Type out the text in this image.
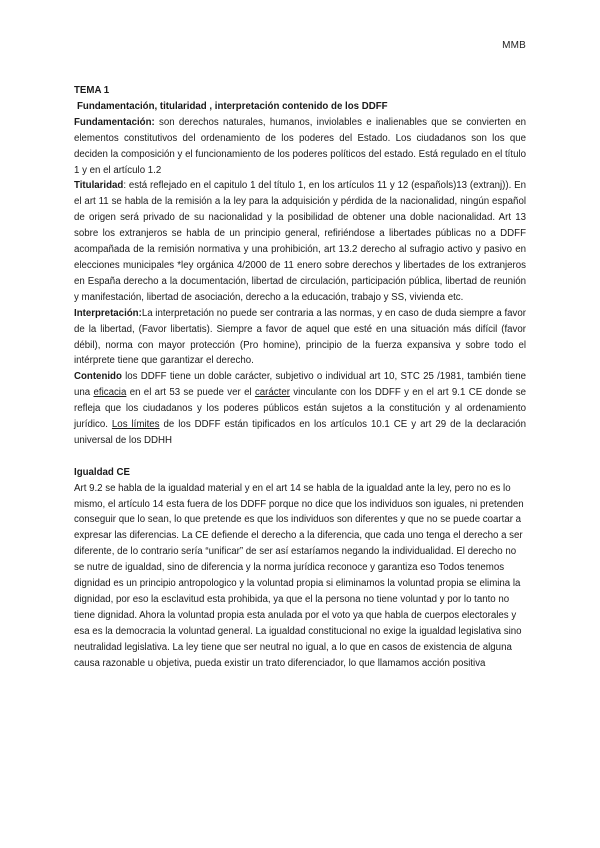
MMB

TEMA 1

Fundamentación, titularidad , interpretación contenido de los DDFF

Fundamentación: son derechos naturales, humanos, inviolables e inalienables que se convierten en elementos constitutivos del ordenamiento de los poderes del Estado. Los ciudadanos son los que deciden la composición y el funcionamiento de los poderes políticos del estado. Está regulado en el título 1 y en el artículo 1.2

Titularidad: está reflejado en el capitulo 1 del título 1, en los artículos 11 y 12 (españols)13 (extranj)). En el art 11 se habla de la remisión a la ley para la adquisición y pérdida de la nacionalidad, ningún español de origen será privado de su nacionalidad y la posibilidad de obtener una doble nacionalidad. Art 13 sobre los extranjeros se habla de un principio general, refiriéndose a libertades públicas no a DDFF acompañada de la remisión normativa y una prohibición, art 13.2 derecho al sufragio activo y pasivo en elecciones municipales *ley orgánica 4/2000 de 11 enero sobre derechos y libertades de los extranjeros en España derecho a la documentación, libertad de circulación, participación pública, libertad de reunión y manifestación, libertad de asociación, derecho a la educación, trabajo y SS, vivienda etc.

Interpretación:La interpretación no puede ser contraria a las normas, y en caso de duda siempre a favor de la libertad, (Favor libertatis). Siempre a favor de aquel que esté en una situación más difícil (favor débil), norma con mayor protección (Pro homine), principio de la fuerza expansiva y sobre todo el intérprete tiene que garantizar el derecho.

Contenido los DDFF tiene un doble carácter, subjetivo o individual art 10, STC 25 /1981, también tiene una eficacia en el art 53 se puede ver el carácter vinculante con los DDFF y en el art 9.1 CE donde se refleja que los ciudadanos y los poderes públicos están sujetos a la constitución y al ordenamiento jurídico. Los límites de los DDFF están tipificados en los artículos 10.1 CE y art 29 de la declaración universal de los DDHH

Igualdad CE

Art 9.2 se habla de la igualdad material y en el art 14 se habla de la igualdad ante la ley, pero no es lo mismo, el artículo 14 esta fuera de los DDFF porque no dice que los individuos son iguales, ni pretenden conseguir que lo sean, lo que pretende es que los individuos son diferentes y que no se puede coartar a expresar las diferencias. La CE defiende el derecho a la diferencia, que cada uno tenga el derecho a ser diferente, de lo contrario sería “unificar” de ser así estaríamos negando la individualidad. El derecho no se nutre de igualdad, sino de diferencia y la norma jurídica reconoce y garantiza eso Todos tenemos dignidad es un principio antropologico y la voluntad propia si eliminamos la voluntad propia se elimina la dignidad, por eso la esclavitud esta prohibida, ya que el la persona no tiene voluntad y por lo tanto no tiene dignidad. Ahora la voluntad propia esta anulada por el voto ya que habla de cuerpos electorales y esa es la democracia la voluntad general. La igualdad constitucional no exige la igualdad legislativa sino neutralidad legislativa. La ley tiene que ser neutral no igual, a lo que en casos de existencia de alguna causa razonable u objetiva, pueda existir un trato diferenciador, lo que llamamos acción positiva
